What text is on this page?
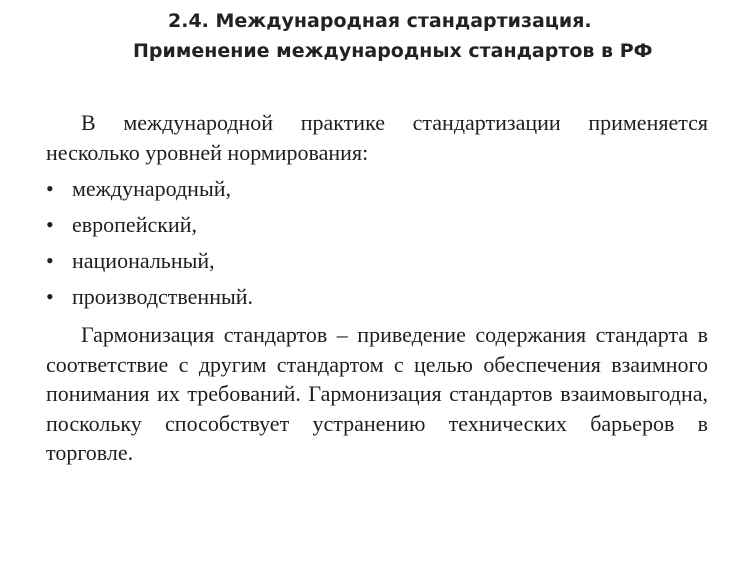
2.4. Международная стандартизация.
Применение международных стандартов в РФ

В международной практике стандартизации применяется несколько уровней нормирования:

• международный,
• европейский,
• национальный,
• производственный.

Гармонизация стандартов – приведение содержания стандарта в соответствие с другим стандартом с целью обеспечения взаимного понимания их требований. Гармонизация стандартов взаимовыгодна, поскольку способствует устранению технических барьеров в торговле.
